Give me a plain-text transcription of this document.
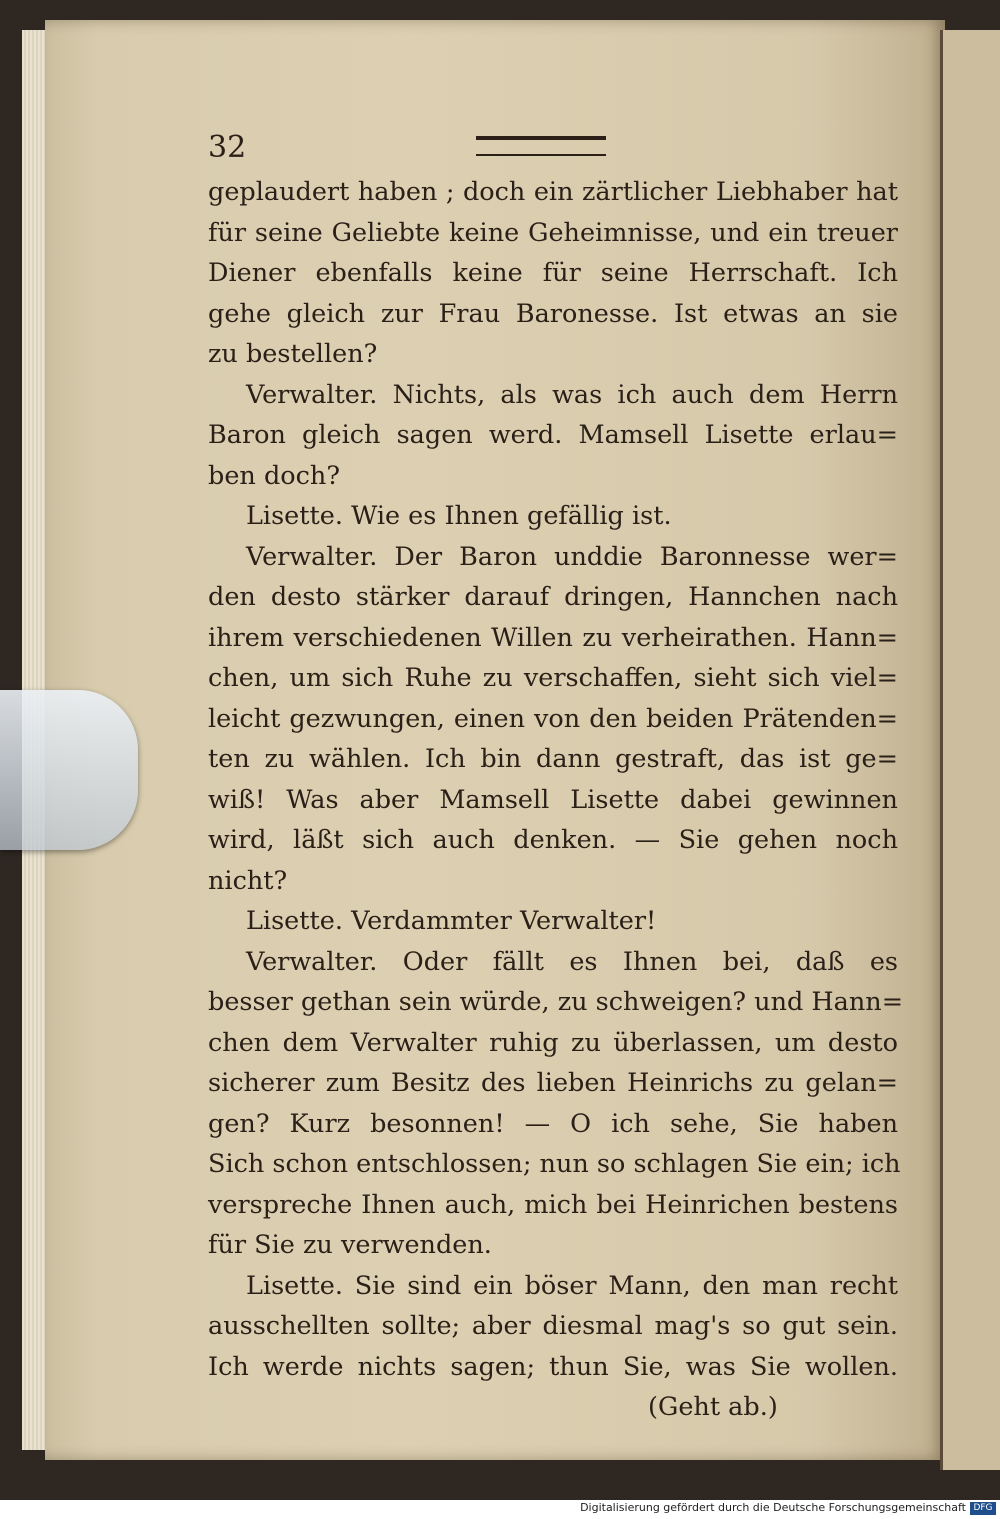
32
geplaudert haben ; doch ein zärtlicher Liebhaber hat
für seine Geliebte keine Geheimnisse, und ein treuer
Diener ebenfalls keine für seine Herrschaft. Ich
gehe gleich zur Frau Baronesse. Ist etwas an sie
zu bestellen?
Verwalter. Nichts, als was ich auch dem Herrn
Baron gleich sagen werd. Mamsell Lisette erlau=
ben doch?
Lisette. Wie es Ihnen gefällig ist.
Verwalter. Der Baron unddie Baronnesse wer=
den desto stärker darauf dringen, Hannchen nach
ihrem verschiedenen Willen zu verheirathen. Hann=
chen, um sich Ruhe zu verschaffen, sieht sich viel=
leicht gezwungen, einen von den beiden Prätenden=
ten zu wählen. Ich bin dann gestraft, das ist ge=
wiß! Was aber Mamsell Lisette dabei gewinnen
wird, läßt sich auch denken. — Sie gehen noch
nicht?
Lisette. Verdammter Verwalter!
Verwalter. Oder fällt es Ihnen bei, daß es
besser gethan sein würde, zu schweigen? und Hann=
chen dem Verwalter ruhig zu überlassen, um desto
sicherer zum Besitz des lieben Heinrichs zu gelan=
gen? Kurz besonnen! — O ich sehe, Sie haben
Sich schon entschlossen; nun so schlagen Sie ein; ich
verspreche Ihnen auch, mich bei Heinrichen bestens
für Sie zu verwenden.
Lisette. Sie sind ein böser Mann, den man recht
ausschellten sollte; aber diesmal mag's so gut sein.
Ich werde nichts sagen; thun Sie, was Sie wollen.
(Geht ab.)
Digitalisierung gefördert durch die Deutsche Forschungsgemeinschaft DFG
